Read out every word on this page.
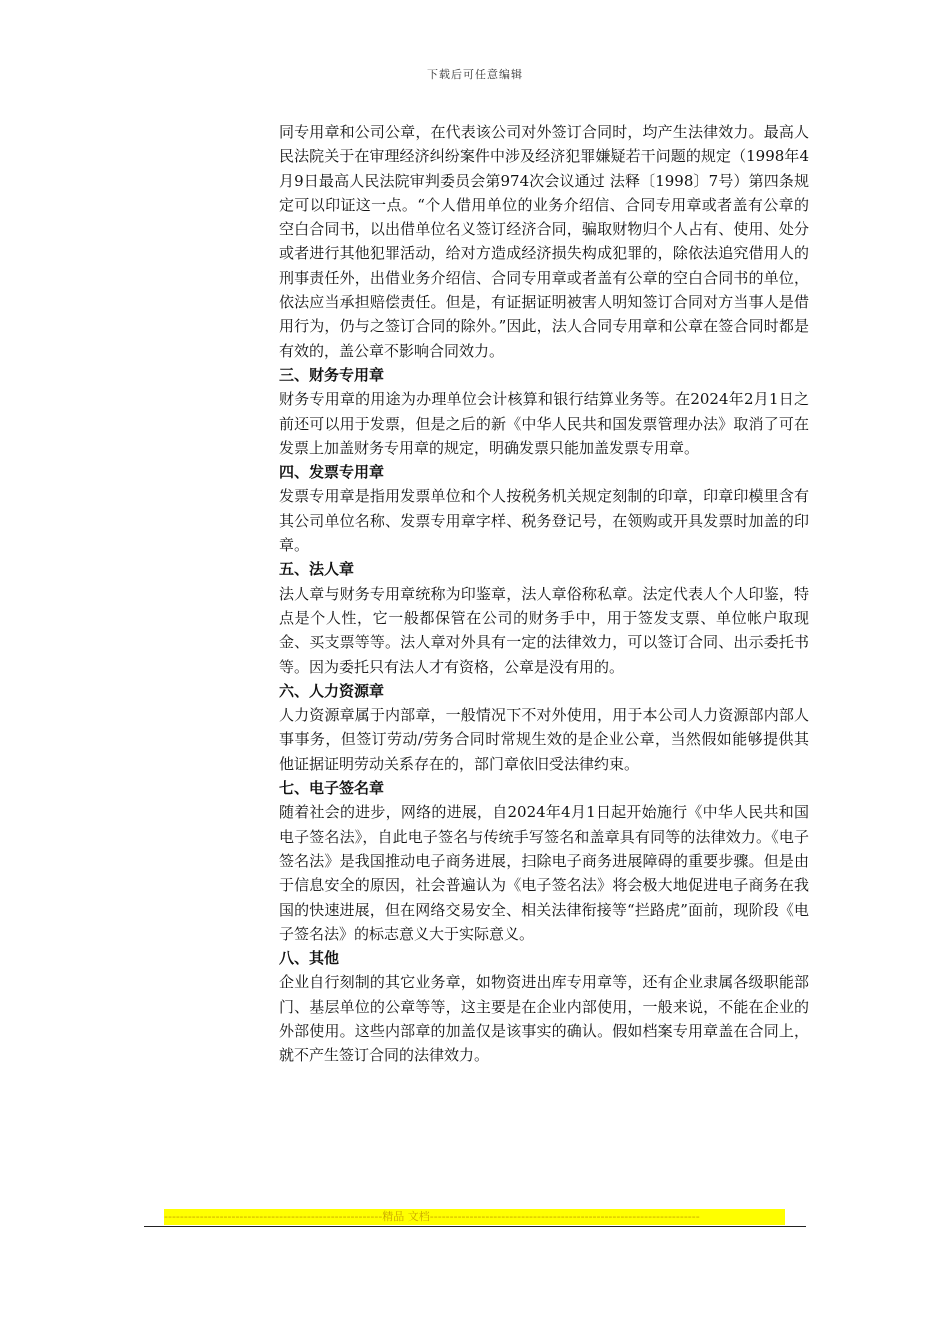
下载后可任意编辑

同专用章和公司公章，在代表该公司对外签订合同时，均产生法律效力。最高人民法院关于在审理经济纠纷案件中涉及经济犯罪嫌疑若干问题的规定（1998年4月9日最高人民法院审判委员会第974次会议通过 法释〔1998〕7号）第四条规定可以印证这一点。“个人借用单位的业务介绍信、合同专用章或者盖有公章的空白合同书，以出借单位名义签订经济合同，骗取财物归个人占有、使用、处分或者进行其他犯罪活动，给对方造成经济损失构成犯罪的，除依法追究借用人的刑事责任外，出借业务介绍信、合同专用章或者盖有公章的空白合同书的单位，依法应当承担赔偿责任。但是，有证据证明被害人明知签订合同对方当事人是借用行为，仍与之签订合同的除外。”因此，法人合同专用章和公章在签合同时都是有效的，盖公章不影响合同效力。

三、财务专用章

财务专用章的用途为办理单位会计核算和银行结算业务等。在2024年2月1日之前还可以用于发票，但是之后的新《中华人民共和国发票管理办法》取消了可在发票上加盖财务专用章的规定，明确发票只能加盖发票专用章。

四、发票专用章

发票专用章是指用发票单位和个人按税务机关规定刻制的印章，印章印模里含有其公司单位名称、发票专用章字样、税务登记号，在领购或开具发票时加盖的印章。

五、法人章

法人章与财务专用章统称为印鉴章，法人章俗称私章。法定代表人个人印鉴，特点是个人性，它一般都保管在公司的财务手中，用于签发支票、单位帐户取现金、买支票等等。法人章对外具有一定的法律效力，可以签订合同、出示委托书等。因为委托只有法人才有资格，公章是没有用的。

六、人力资源章

人力资源章属于内部章，一般情况下不对外使用，用于本公司人力资源部内部人事事务，但签订劳动/劳务合同时常规生效的是企业公章，当然假如能够提供其他证据证明劳动关系存在的，部门章依旧受法律约束。

七、电子签名章

随着社会的进步，网络的进展，自2024年4月1日起开始施行《中华人民共和国电子签名法》，自此电子签名与传统手写签名和盖章具有同等的法律效力。《电子签名法》是我国推动电子商务进展，扫除电子商务进展障碍的重要步骤。但是由于信息安全的原因，社会普遍认为《电子签名法》将会极大地促进电子商务在我国的快速进展，但在网络交易安全、相关法律衔接等“拦路虎”面前，现阶段《电子签名法》的标志意义大于实际意义。

八、其他

企业自行刻制的其它业务章，如物资进出库专用章等，还有企业隶属各级职能部门、基层单位的公章等等，这主要是在企业内部使用，一般来说，不能在企业的外部使用。这些内部章的加盖仅是该事实的确认。假如档案专用章盖在合同上，就不产生签订合同的法律效力。

-------------------------------------------------------精品 文档--------------------------------------------------------------------
